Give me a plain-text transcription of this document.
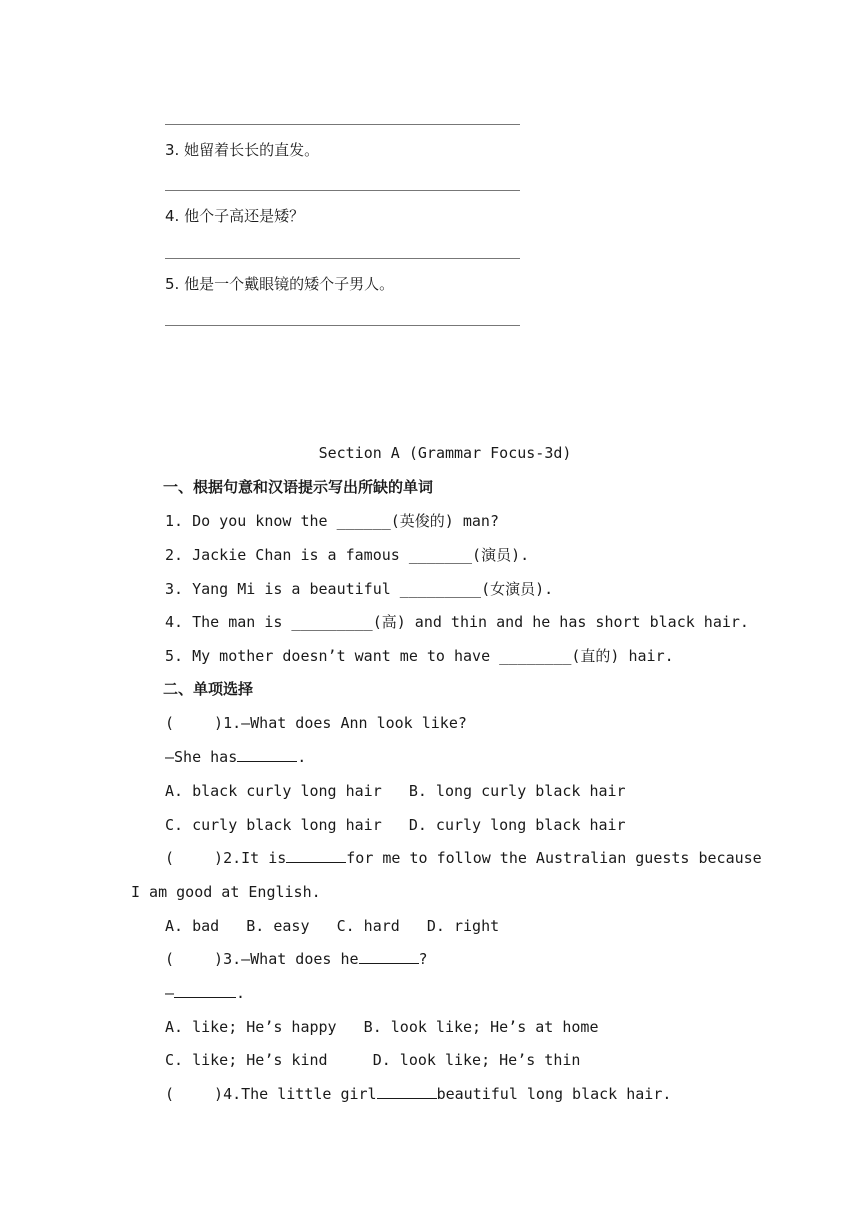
3. 她留着长长的直发。
4. 他个子高还是矮？
5. 他是一个戴眼镜的矮个子男人。
Section A (Grammar Focus-3d)
一、根据句意和汉语提示写出所缺的单词
1. Do you know the ______(英俊的) man?
2. Jackie Chan is a famous _______(演员).
3. Yang Mi is a beautiful _________(女演员).
4. The man is _________(高) and thin and he has short black hair.
5. My mother doesn’t want me to have ________(直的) hair.
二、单项选择
(	)1.—What does Ann look like?
—She has	.
A. black curly long hair   B. long curly black hair
C. curly black long hair   D. curly long black hair
(	)2.It is	for me to follow the Australian guests because
I am good at English.
A. bad   B. easy   C. hard   D. right
(	)3.—What does he	?
—	.
A. like; He’s happy   B. look like; He’s at home
C. like; He’s kind     D. look like; He’s thin
(	)4.The little girl	beautiful long black hair.
